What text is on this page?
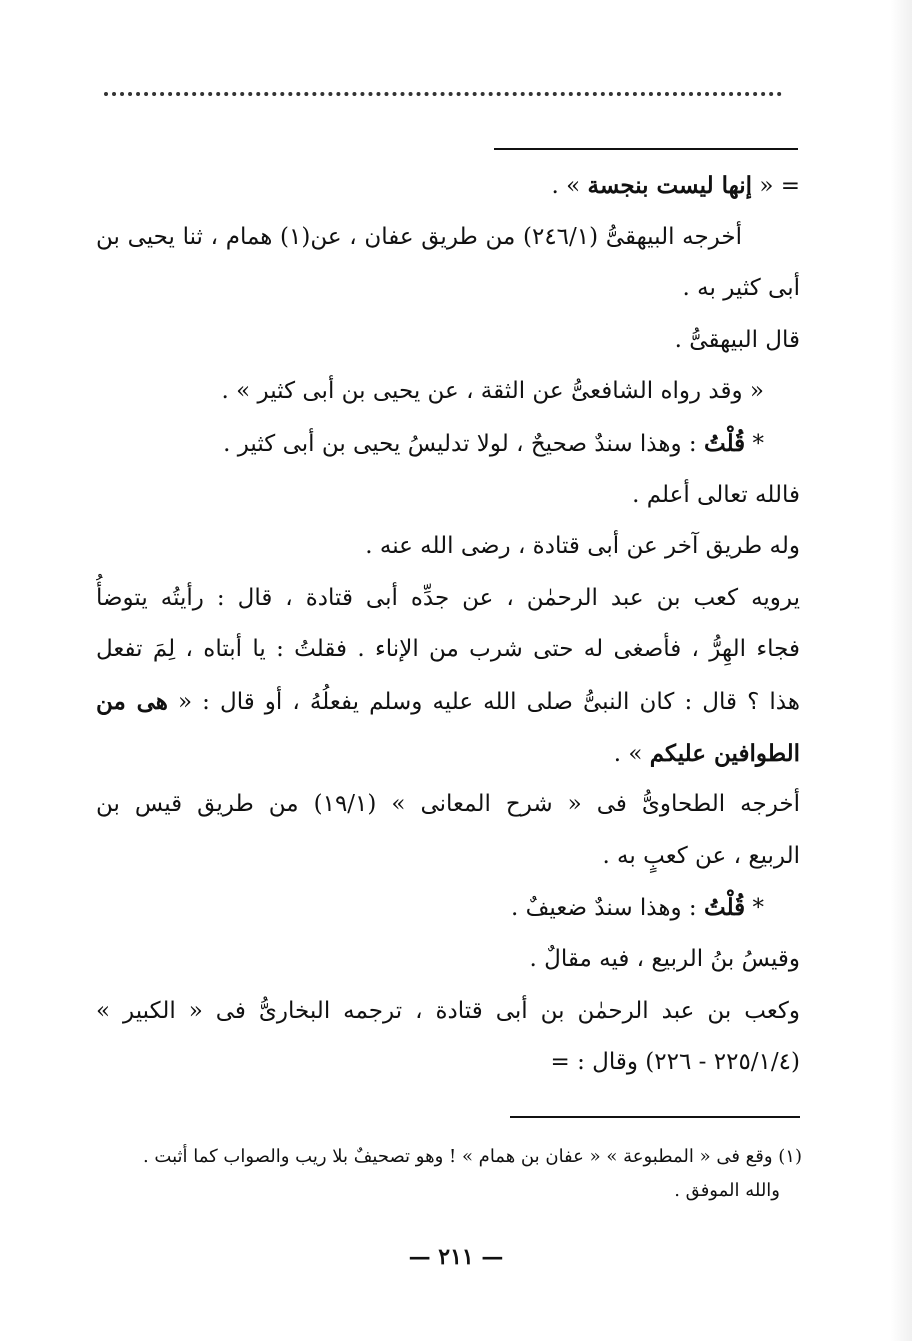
= « إنها ليست بنجسة » .
أخرجه البيهقىُّ (٢٤٦/١) من طريق عفان ، عن(١) همام ، ثنا يحيى بن
أبى كثير به .
قال البيهقىُّ .
« وقد رواه الشافعىُّ عن الثقة ، عن يحيى بن أبى كثير » .
* قُلْتُ : وهذا سندٌ صحيحٌ ، لولا تدليسُ يحيى بن أبى كثير .
فالله تعالى أعلم .
وله طريق آخر عن أبى قتادة ، رضى الله عنه .
يرويه كعب بن عبد الرحمٰن ، عن جدِّه أبى قتادة ، قال : رأيتُه يتوضأُ
فجاء الهِرُّ ، فأصغى له حتى شرب من الإناء . فقلتُ : يا أبتاه ، لِمَ تفعل
هذا ؟ قال : كان النبىُّ صلى الله عليه وسلم يفعلُهُ ، أو قال : « هى من
الطوافين عليكم » .
أخرجه الطحاوىُّ فى « شرح المعانى » (١٩/١) من طريق قيس بن
الربيع ، عن كعبٍ به .
* قُلْتُ : وهذا سندٌ ضعيفٌ .
وقيسُ بنُ الربيع ، فيه مقالٌ .
وكعب بن عبد الرحمٰن بن أبى قتادة ، ترجمه البخارىُّ فى « الكبير »
(٢٢٥/١/٤ - ٢٢٦) وقال : =
(١) وقع فى « المطبوعة » « عفان بن همام » ! وهو تصحيفٌ بلا ريب والصواب كما أثبت .
والله الموفق .
— ٢١١ —
